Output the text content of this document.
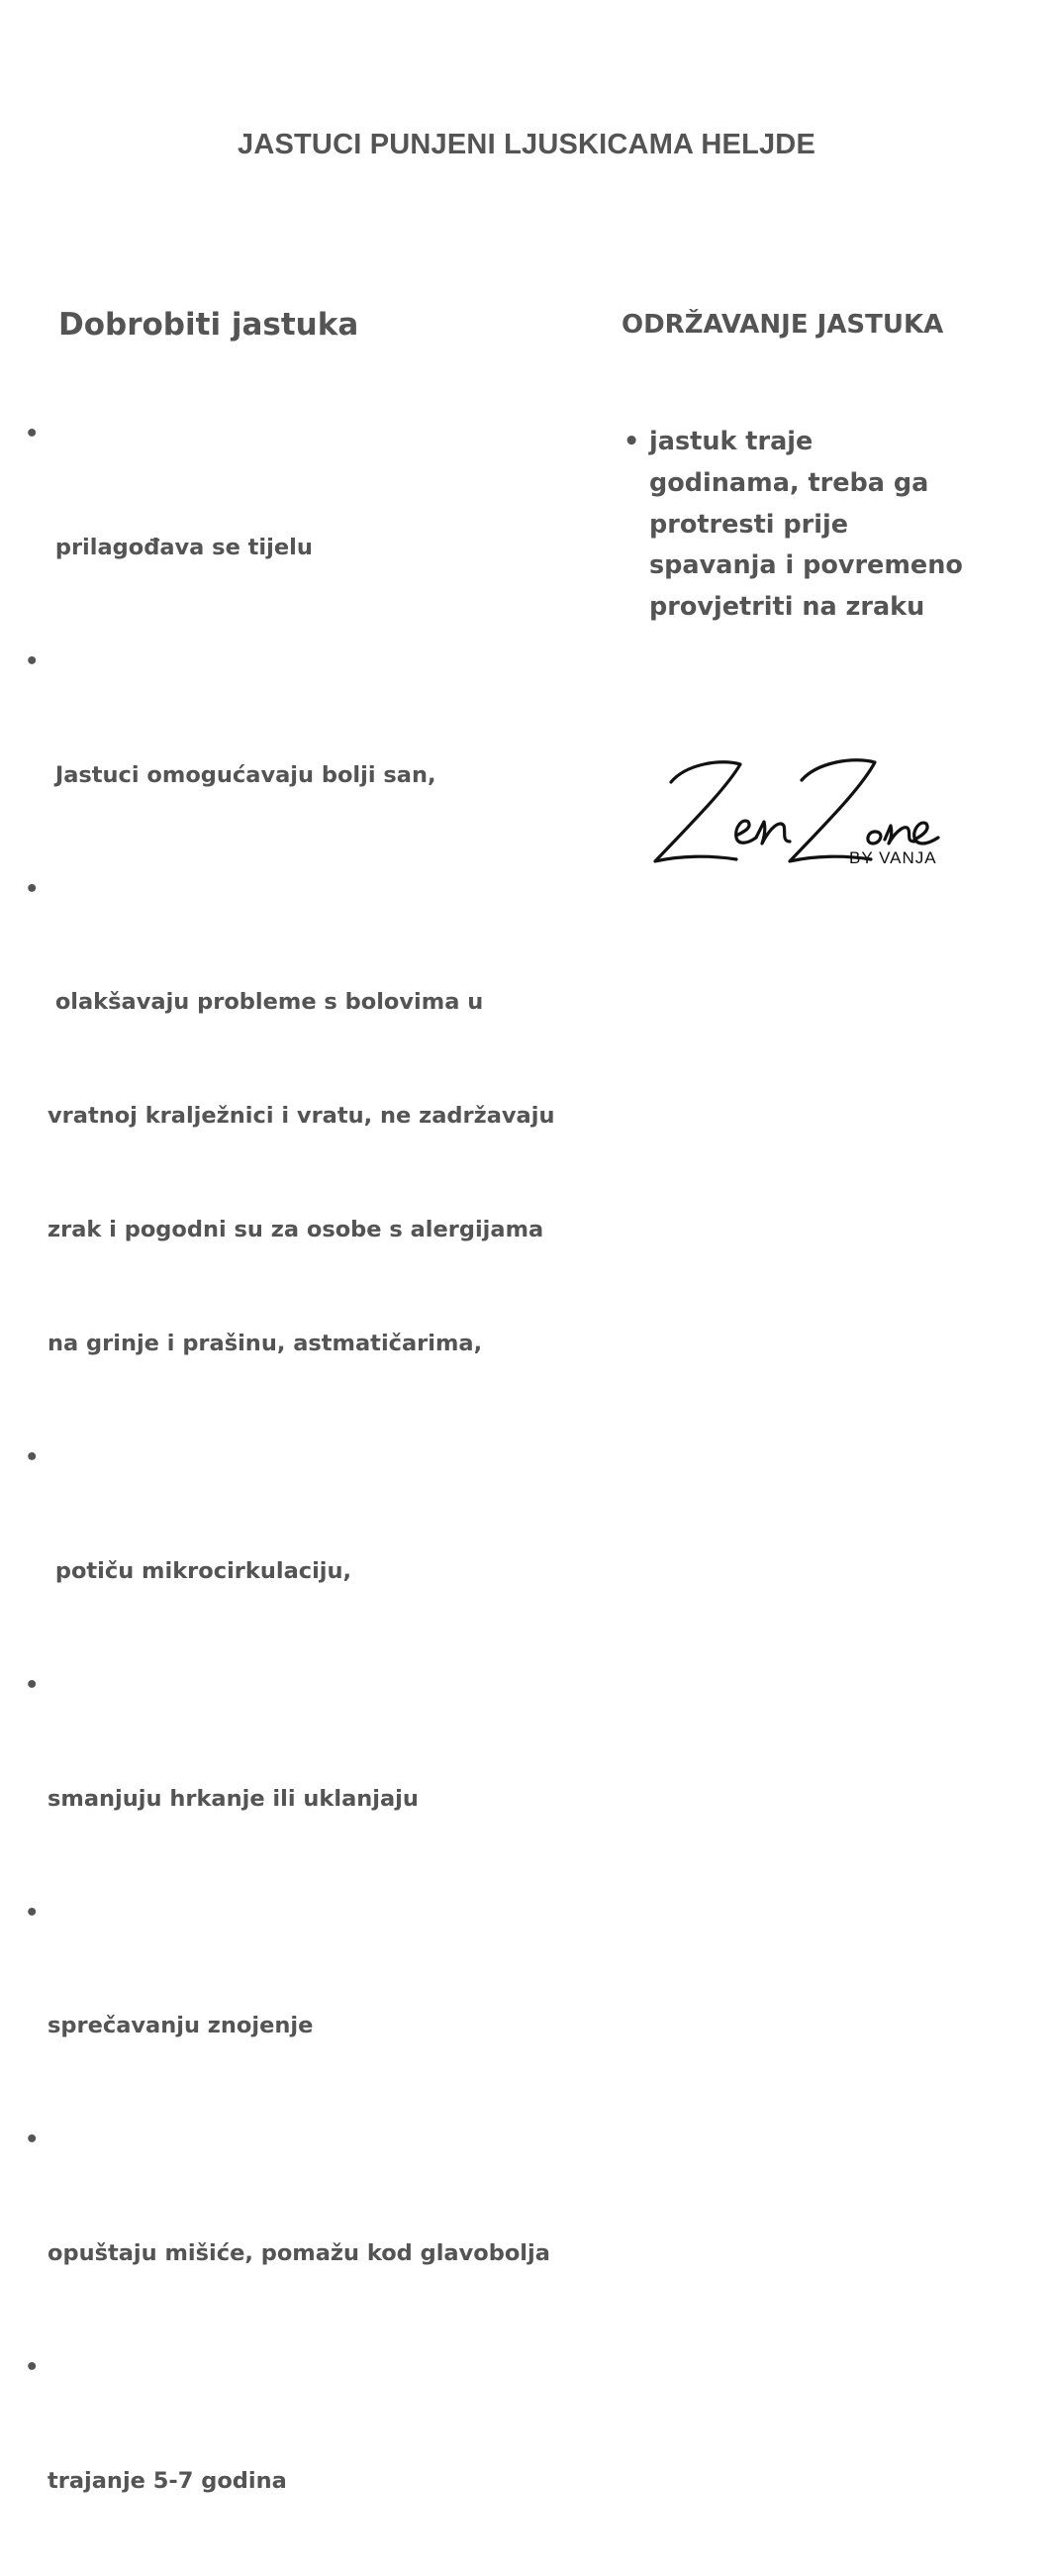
JASTUCI PUNJENI LJUSKICAMA HELJDE
Dobrobiti jastuka	ODRŽAVANJE JASTUKA

•

prilagođava se tijelu

•

Jastuci omogućavaju bolji san,

•

olakšavaju probleme s bolovima u

vratnoj kralježnici i vratu, ne zadržavaju

zrak i pogodni su za osobe s alergijama

na grinje i prašinu, astmatičarima,

•

potiču mikrocirkulaciju,

•

smanjuju hrkanje ili uklanjaju

•

sprečavanju znojenje

•

opuštaju mišiće, pomažu kod glavobolja

•

trajanje 5-7 godina

• jastuk traje
godinama, treba ga
protresti prije
spavanja i povremeno
provjetriti na zraku
BY VANJA
